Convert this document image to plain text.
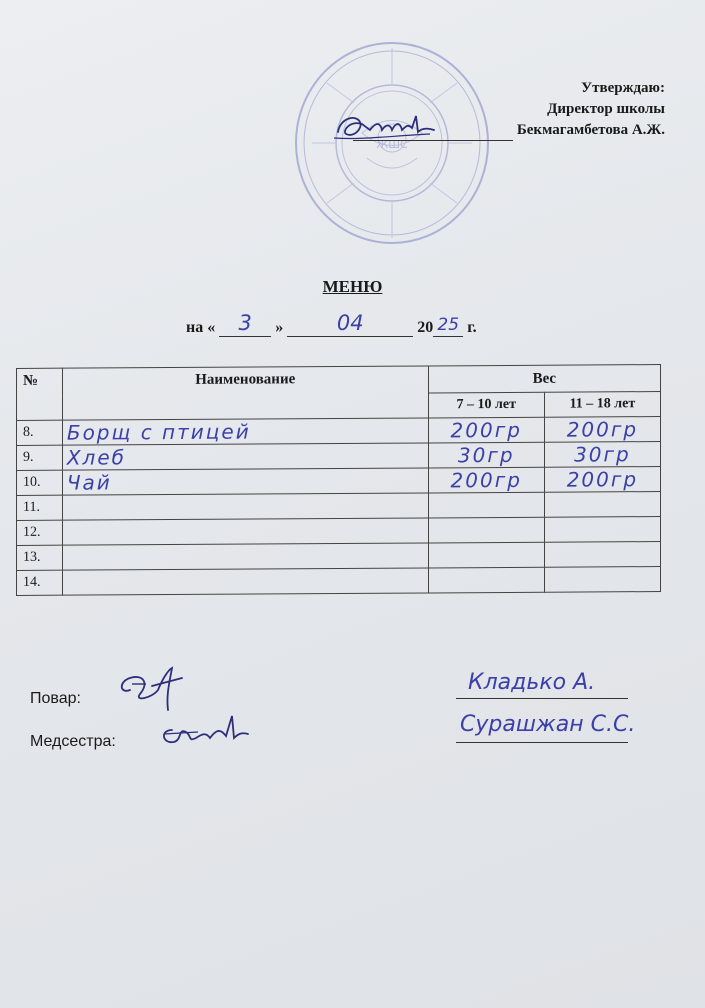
ЖШС
Утверждаю:
Директор школы
Бекмагамбетова А.Ж.
МЕНЮ
на «	3	»	04	20 25 г.
№	Наименование	Вес	
		7 – 10 лет	11 – 18 лет
8.	Борщ с птицей	200гр	200гр
9.	Хлеб	30гр	30гр
10.	Чай	200гр	200гр
11.			
12.			
13.			
14.			
Повар:
Кладько А.
Медсестра:
Сурашжан С.С.
